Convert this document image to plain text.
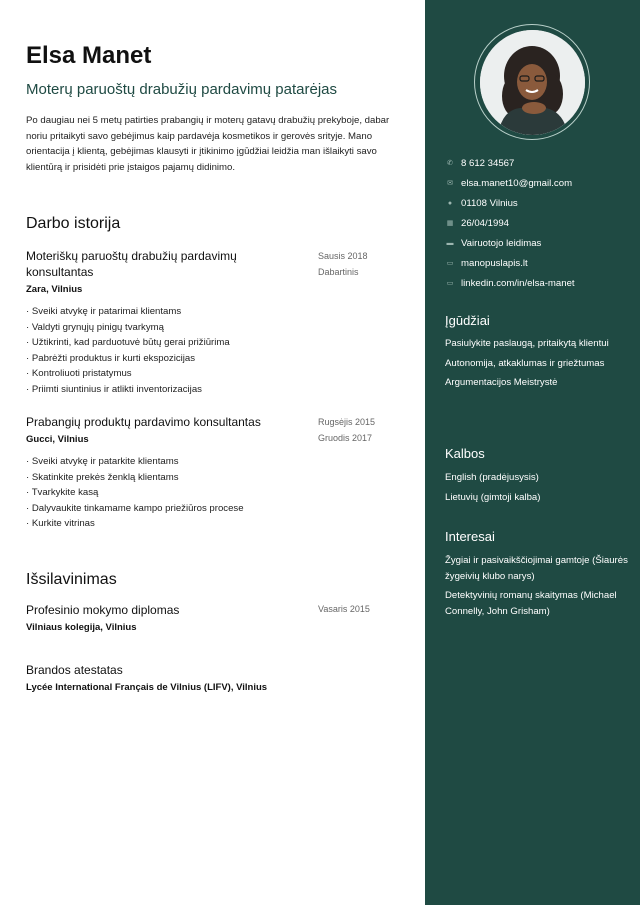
Elsa Manet
Moterų paruoštų drabužių pardavimų patarėjas
Po daugiau nei 5 metų patirties prabangių ir moterų gatavų drabužių prekyboje, dabar noriu pritaikyti savo gebėjimus kaip pardavėja kosmetikos ir gerovės srityje. Mano orientacija į klientą, gebėjimas klausyti ir įtikinimo įgūdžiai leidžia man išlaikyti savo klientūrą ir prisidėti prie įstaigos pajamų didinimo.
Darbo istorija
Moteriškų paruoštų drabužių pardavimų konsultantas
Sausis 2018
Dabartinis
Zara, Vilnius
· Sveiki atvykę ir patarimai klientams
· Valdyti grynųjų pinigų tvarkymą
· Užtikrinti, kad parduotuvė būtų gerai prižiūrima
· Pabrėžti produktus ir kurti ekspozicijas
· Kontroliuoti pristatymus
· Priimti siuntinius ir atlikti inventorizacijas
Prabangių produktų pardavimo konsultantas	Rugsėjis 2015
Gruodis 2017
Gucci, Vilnius
· Sveiki atvykę ir patarkite klientams
· Skatinkite prekės ženklą klientams
· Tvarkykite kasą
· Dalyvaukite tinkamame kampo priežiūros procese
· Kurkite vitrinas
Išsilavinimas
Profesinio mokymo diplomas	Vasaris 2015
Vilniaus kolegija, Vilnius
Brandos atestatas
Lycée International Français de Vilnius (LIFV), Vilnius
✆ 8 612 34567
✉ elsa.manet10@gmail.com
● 01108 Vilnius
▦ 26/04/1994
▬ Vairuotojo leidimas
▭ manopuslapis.lt
▭ linkedin.com/in/elsa-manet
Įgūdžiai
Pasiulykite paslaugą, pritaikytą klientui
Autonomija, atkaklumas ir griežtumas
Argumentacijos Meistrystė
Kalbos
English (pradėjusysis)
Lietuvių (gimtoji kalba)
Interesai
Žygiai ir pasivaikščiojimai gamtoje (Šiaurės žygeivių klubo narys)
Detektyvinių romanų skaitymas (Michael Connelly, John Grisham)
